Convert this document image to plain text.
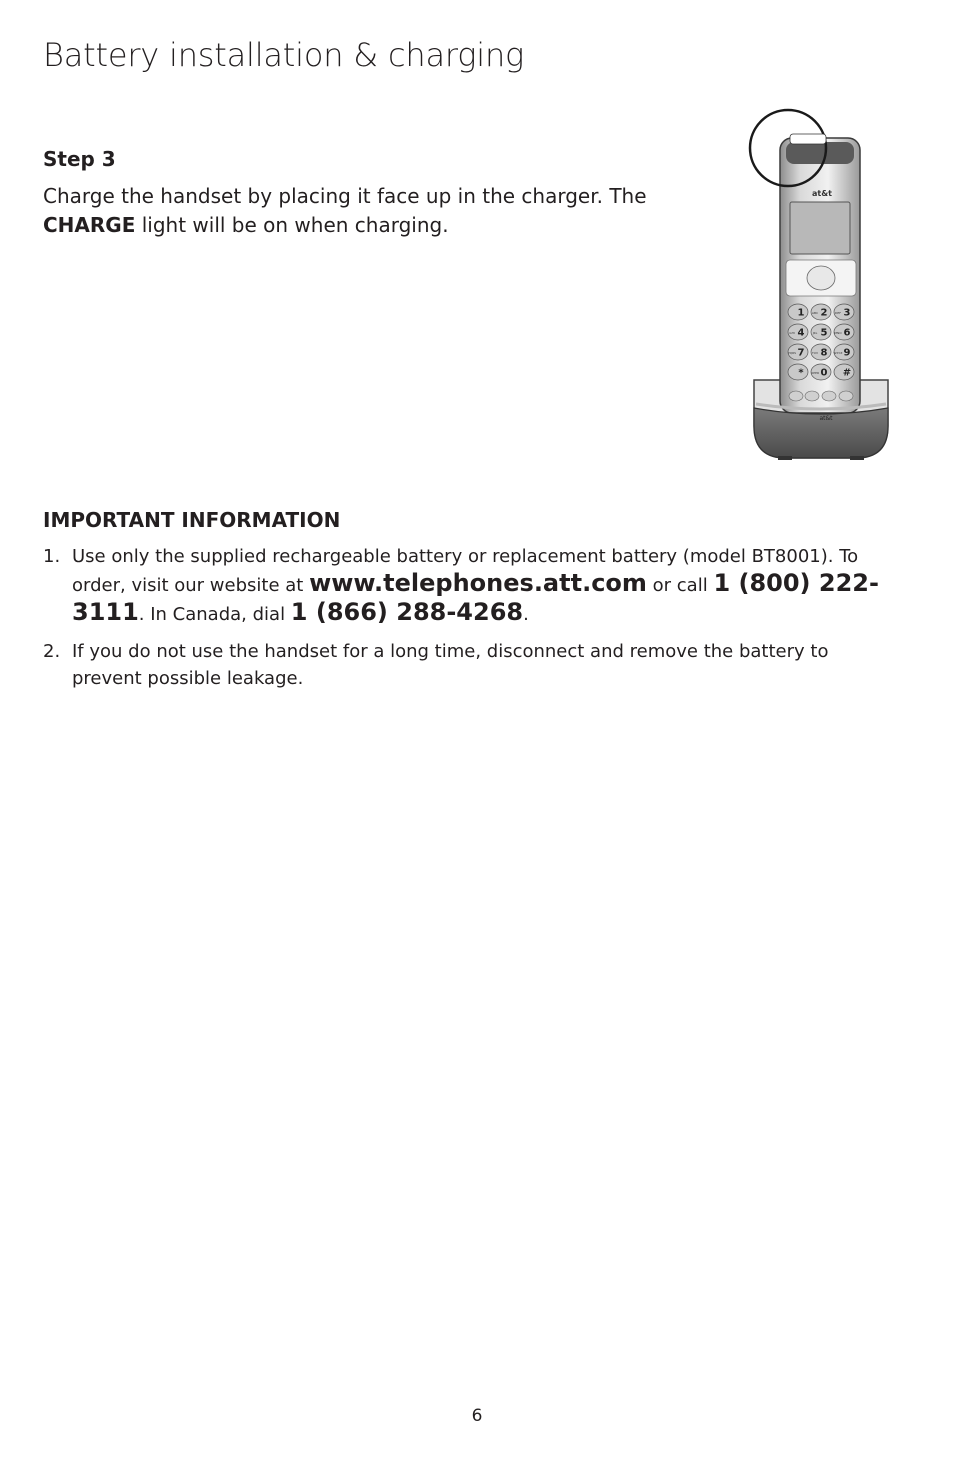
Battery installation & charging
Step 3

Charge the handset by placing it face up in the charger. The CHARGE light will be on when charging.

at&t
1 2
ABC	3
DEF
4
GHI	5
JKL	6
MNO
7
PQRS 8
TUV	9
WXYZ
* 0
OPER #
at&t
IMPORTANT INFORMATION
1. Use only the supplied rechargeable battery or replacement battery (model BT8001). To order, visit our website at www.telephones.att.com or call 1 (800) 222-3111. In Canada, dial 1 (866) 288-4268.
2. If you do not use the handset for a long time, disconnect and remove the battery to prevent possible leakage.
6
